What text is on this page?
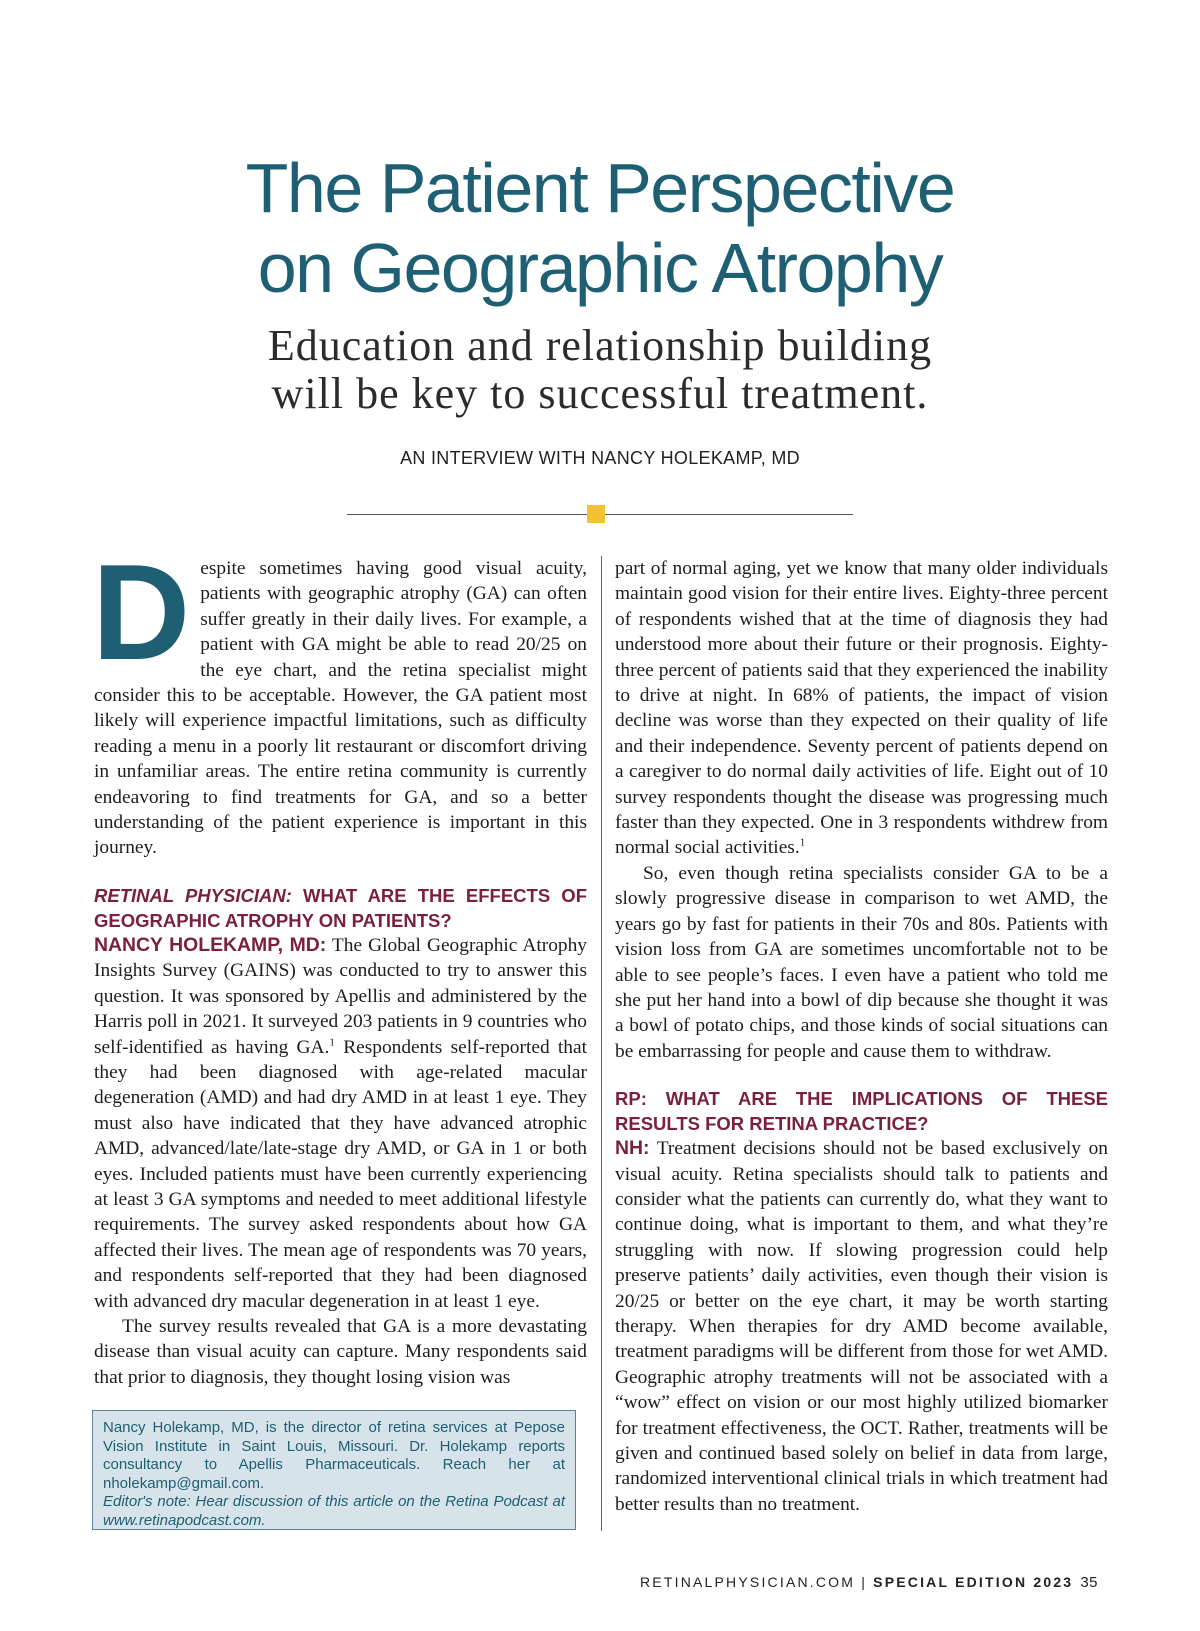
The Patient Perspective
on Geographic Atrophy
Education and relationship building
will be key to successful treatment.
AN INTERVIEW WITH NANCY HOLEKAMP, MD

Despite sometimes having good visual acuity, patients with geographic atrophy (GA) can often suffer greatly in their daily lives. For example, a patient with GA might be able to read 20/25 on the eye chart, and the retina specialist might consider this to be acceptable. However, the GA patient most likely will experience impactful limitations, such as difficulty reading a menu in a poorly lit restaurant or discomfort driving in unfamiliar areas. The entire retina community is currently endeavoring to find treatments for GA, and so a better understanding of the patient experience is important in this journey.

RETINAL PHYSICIAN: WHAT ARE THE EFFECTS OF GEOGRAPHIC ATROPHY ON PATIENTS?

NANCY HOLEKAMP, MD: The Global Geographic Atrophy Insights Survey (GAINS) was conducted to try to answer this question. It was sponsored by Apellis and administered by the Harris poll in 2021. It surveyed 203 patients in 9 countries who self-identified as having GA.$^1$ Respondents self-reported that they had been diagnosed with age-related macular degeneration (AMD) and had dry AMD in at least 1 eye. They must also have indicated that they have advanced atrophic AMD, advanced/late/late-stage dry AMD, or GA in 1 or both eyes. Included patients must have been currently experiencing at least 3 GA symptoms and needed to meet additional lifestyle requirements. The survey asked respondents about how GA affected their lives. The mean age of respondents was 70 years, and respondents self-reported that they had been diagnosed with advanced dry macular degeneration in at least 1 eye.

The survey results revealed that GA is a more devastating disease than visual acuity can capture. Many respondents said that prior to diagnosis, they thought losing vision was

part of normal aging, yet we know that many older individuals maintain good vision for their entire lives. Eighty-three percent of respondents wished that at the time of diagnosis they had understood more about their future or their prognosis. Eighty-three percent of patients said that they experienced the inability to drive at night. In 68% of patients, the impact of vision decline was worse than they expected on their quality of life and their independence. Seventy percent of patients depend on a caregiver to do normal daily activities of life. Eight out of 10 survey respondents thought the disease was progressing much faster than they expected. One in 3 respondents withdrew from normal social activities.$^1$

So, even though retina specialists consider GA to be a slowly progressive disease in comparison to wet AMD, the years go by fast for patients in their 70s and 80s. Patients with vision loss from GA are sometimes uncomfortable not to be able to see people’s faces. I even have a patient who told me she put her hand into a bowl of dip because she thought it was a bowl of potato chips, and those kinds of social situations can be embarrassing for people and cause them to withdraw.

RP: WHAT ARE THE IMPLICATIONS OF THESE RESULTS FOR RETINA PRACTICE?

NH: Treatment decisions should not be based exclusively on visual acuity. Retina specialists should talk to patients and consider what the patients can currently do, what they want to continue doing, what is important to them, and what they’re struggling with now. If slowing progression could help preserve patients’ daily activities, even though their vision is 20/25 or better on the eye chart, it may be worth starting therapy. When therapies for dry AMD become available, treatment paradigms will be different from those for wet AMD. Geographic atrophy treatments will not be associated with a “wow” effect on vision or our most highly utilized biomarker for treatment effectiveness, the OCT. Rather, treatments will be given and continued based solely on belief in data from large, randomized interventional clinical trials in which treatment had better results than no treatment.

Nancy Holekamp, MD, is the director of retina services at Pepose Vision Institute in Saint Louis, Missouri. Dr. Holekamp reports consultancy to Apellis Pharmaceuticals. Reach her at nholekamp@gmail.com.

Editor's note: Hear discussion of this article on the Retina Podcast at www.retinapodcast.com.

RETINALPHYSICIAN.COM | SPECIAL EDITION 2023 35
